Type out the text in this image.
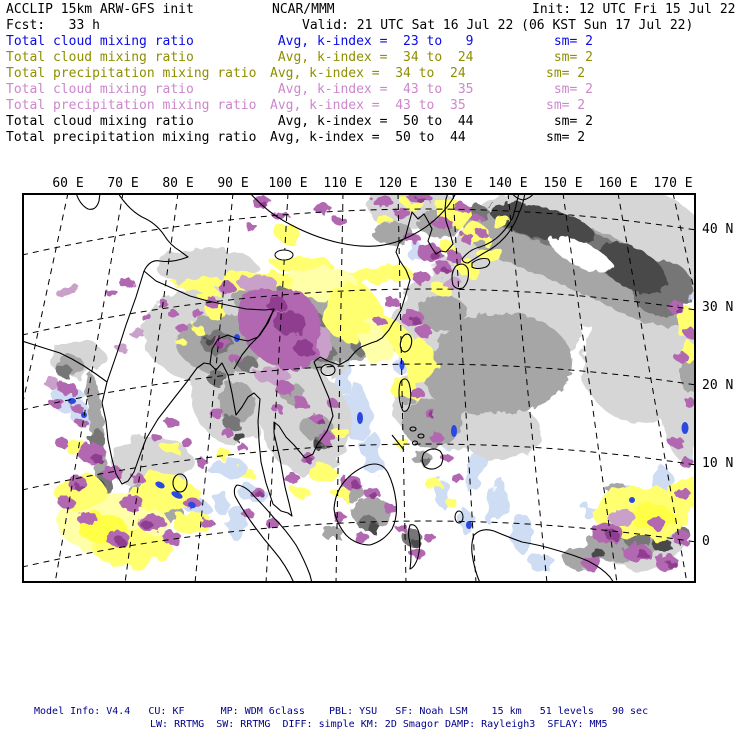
ACCLIP 15km ARW-GFS init	NCAR/MMM	Init: 12 UTC Fri 15 Jul 22
Fcst:   33 h	Valid: 21 UTC Sat 16 Jul 22 (06 KST Sun 17 Jul 22)
Total cloud mixing ratio	Avg, k-index =  23 to   9	sm= 2
Total cloud mixing ratio	Avg, k-index =  34 to  24	sm= 2
Total precipitation mixing ratio Avg, k-index =  34 to  24	sm= 2
Total cloud mixing ratio	Avg, k-index =  43 to  35	sm= 2
Total precipitation mixing ratio Avg, k-index =  43 to  35	sm= 2
Total cloud mixing ratio	Avg, k-index =  50 to  44	sm= 2
Total precipitation mixing ratio Avg, k-index =  50 to  44	sm= 2
60 E 70 E 80 E 90 E 100 E 110 E 120 E 130 E 140 E 150 E 160 E 170 E
40 N
30 N
20 N
10 N
0
Model Info: V4.4   CU: KF      MP: WDM 6class    PBL: YSU   SF: Noah LSM    15 km   51 levels   90 sec
LW: RRTMG  SW: RRTMG  DIFF: simple KM: 2D Smagor DAMP: Rayleigh3  SFLAY: MM5
